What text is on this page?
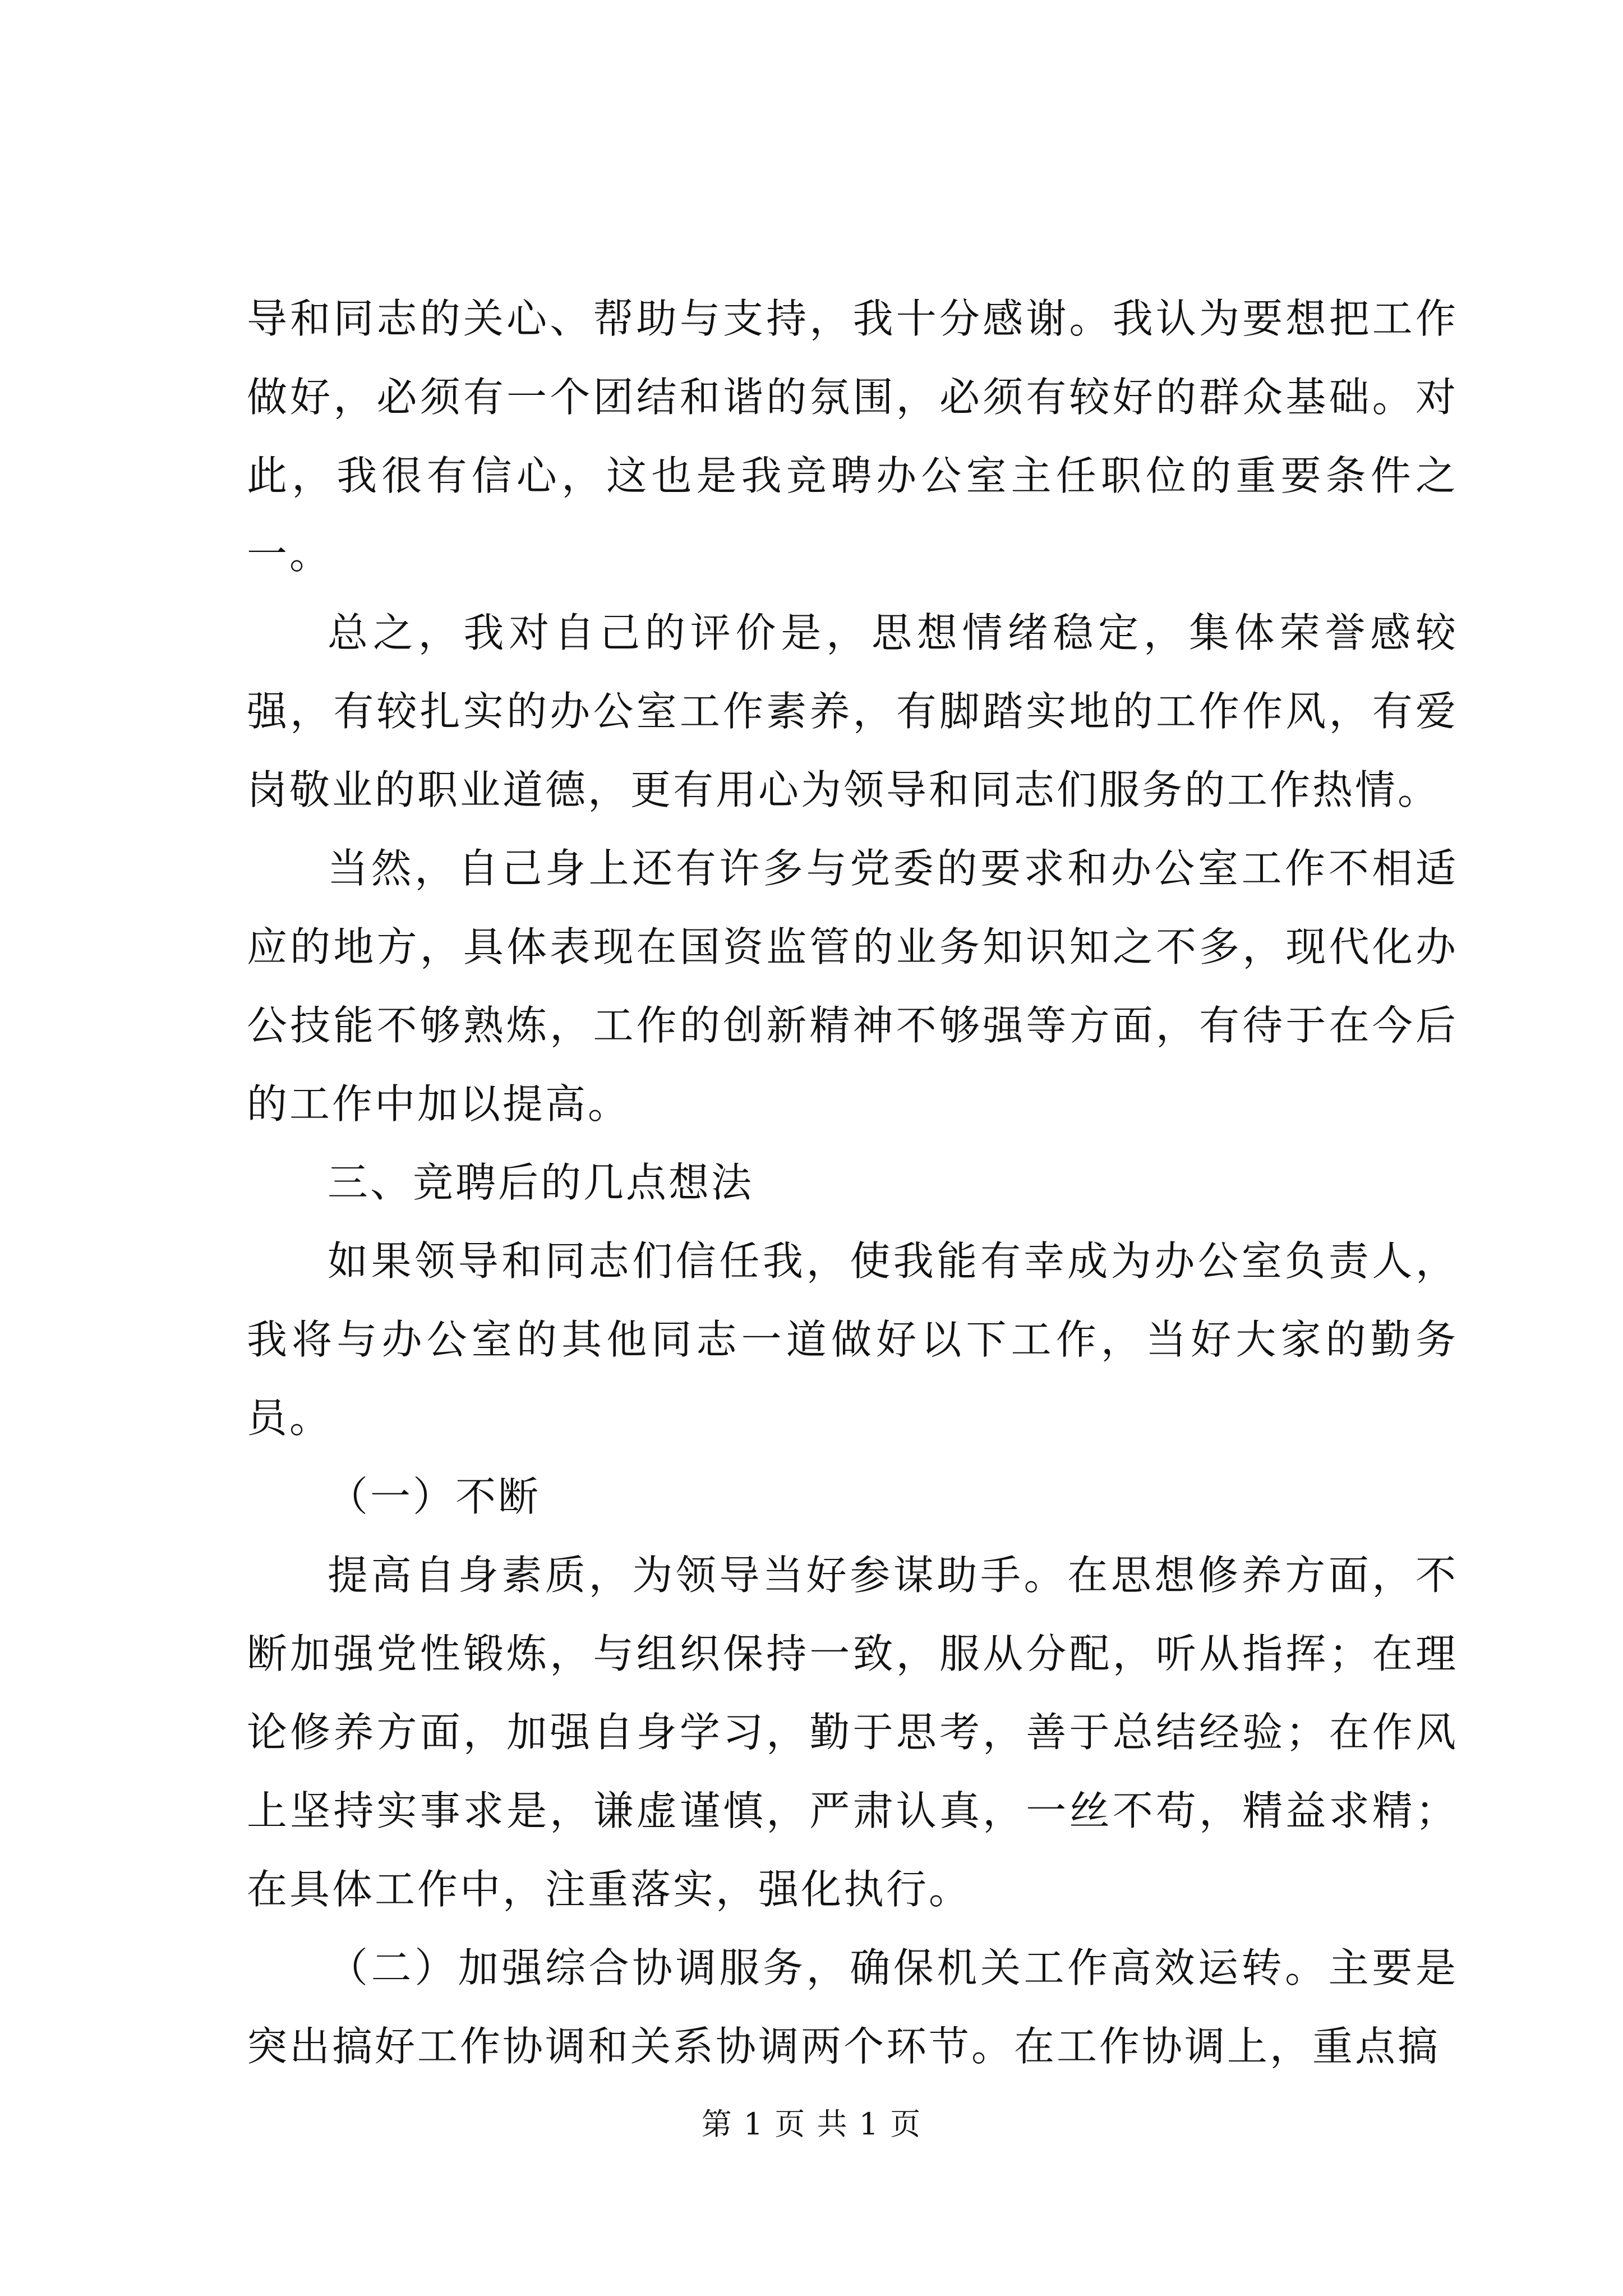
导和同志的关心、帮助与支持，我十分感谢。我认为要想把工作做好，必须有一个团结和谐的氛围，必须有较好的群众基础。对此，我很有信心，这也是我竞聘办公室主任职位的重要条件之一。

总之，我对自己的评价是，思想情绪稳定，集体荣誉感较强，有较扎实的办公室工作素养，有脚踏实地的工作作风，有爱岗敬业的职业道德，更有用心为领导和同志们服务的工作热情。

当然，自己身上还有许多与党委的要求和办公室工作不相适应的地方，具体表现在国资监管的业务知识知之不多，现代化办公技能不够熟炼，工作的创新精神不够强等方面，有待于在今后的工作中加以提高。

三、竞聘后的几点想法

如果领导和同志们信任我，使我能有幸成为办公室负责人，我将与办公室的其他同志一道做好以下工作，当好大家的勤务员。

（一）不断

提高自身素质，为领导当好参谋助手。在思想修养方面，不断加强党性锻炼，与组织保持一致，服从分配，听从指挥；在理论修养方面，加强自身学习，勤于思考，善于总结经验；在作风上坚持实事求是，谦虚谨慎，严肃认真，一丝不苟，精益求精；在具体工作中，注重落实，强化执行。

（二）加强综合协调服务，确保机关工作高效运转。主要是突出搞好工作协调和关系协调两个环节。在工作协调上，重点搞

第 1 页 共 1 页
